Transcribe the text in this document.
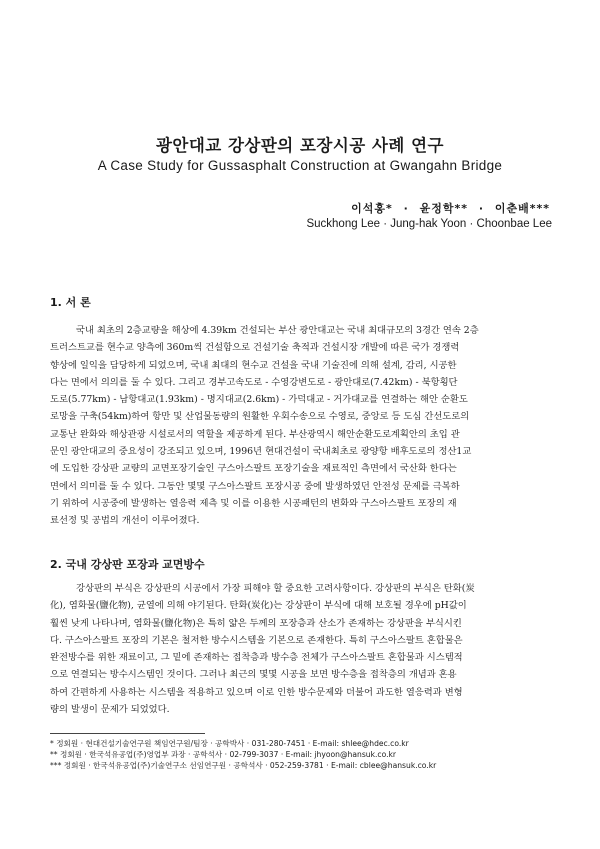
광안대교 강상판의 포장시공 사례 연구
A Case Study for Gussasphalt Construction at Gwangahn Bridge
이석홍* · 윤정학** · 이춘배***
Suckhong Lee · Jung-hak Yoon · Choonbae Lee
1. 서 론
국내 최초의 2층교량을 해상에 4.39km 건설되는 부산 광안대교는 국내 최대규모의 3경간 연속 2층
트러스트교를 현수교 양측에 360m씩 건설함으로 건설기술 축적과 건설시장 개발에 따른 국가 경쟁력
향상에 일익을 담당하게 되었으며, 국내 최대의 현수교 건설을 국내 기술진에 의해 설계, 감리, 시공한
다는 면에서 의의를 둘 수 있다. 그리고 경부고속도로 - 수영강변도로 - 광안대로(7.42km) - 북항횡단
도로(5.77km) - 남항대교(1.93km) - 명지대교(2.6km) - 가덕대교 - 거가대교를 연결하는 해안 순환도
로망을 구축(54km)하여 항만 및 산업물동량의 원활한 우회수송으로 수영로, 중앙로 등 도심 간선도로의
교통난 완화와 해상관광 시설로서의 역할을 제공하게 된다. 부산광역시 해안순환도로계획안의 초입 관
문인 광안대교의 중요성이 강조되고 있으며, 1996년 현대건설이 국내최초로 광양항 배후도로의 정산1교
에 도입한 강상판 교량의 교면포장기술인 구스아스팔트 포장기술을 재료적인 측면에서 국산화 한다는
면에서 의미를 둘 수 있다. 그동안 몇몇 구스아스팔트 포장시공 중에 발생하였던 안전성 문제를 극복하
기 위하여 시공중에 발생하는 열응력 제측 및 이를 이용한 시공패턴의 변화와 구스아스팔트 포장의 재
료선정 및 공법의 개선이 이루어졌다.
2. 국내 강상판 포장과 교면방수
강상판의 부식은 강상판의 시공에서 가장 피해야 할 중요한 고려사항이다. 강상판의 부식은 탄화(炭
化), 염화물(鹽化物), 균열에 의해 야기된다. 탄화(炭化)는 강상판이 부식에 대해 보호될 경우에 pH값이
훨씬 낮게 나타나며, 염화물(鹽化物)은 특히 얇은 두께의 포장층과 산소가 존재하는 강상판을 부식시킨
다. 구스아스팔트 포장의 기본은 철저한 방수시스템을 기본으로 존재한다. 특히 구스아스팔트 혼합물은
완전방수를 위한 재료이고, 그 밑에 존재하는 접착층과 방수층 전체가 구스아스팔트 혼합물과 시스템적
으로 연결되는 방수시스템인 것이다. 그러나 최근의 몇몇 시공을 보면 방수층을 접착층의 개념과 혼용
하여 간편하게 사용하는 시스템을 적용하고 있으며 이로 인한 방수문제와 더불어 과도한 열응력과 변형
량의 발생이 문제가 되었었다.
* 정회원 · 현대건설기술연구원 책임연구원/팀장 · 공학박사 · 031-280-7451 · E-mail: shlee@hdec.co.kr
** 정회원 · 한국석유공업(주)영업부 과장 · 공학석사 · 02-799-3037 · E-mail: jhyoon@hansuk.co.kr
*** 정회원 · 한국석유공업(주)기술연구소 선임연구원 · 공학석사 · 052-259-3781 · E-mail: cblee@hansuk.co.kr
